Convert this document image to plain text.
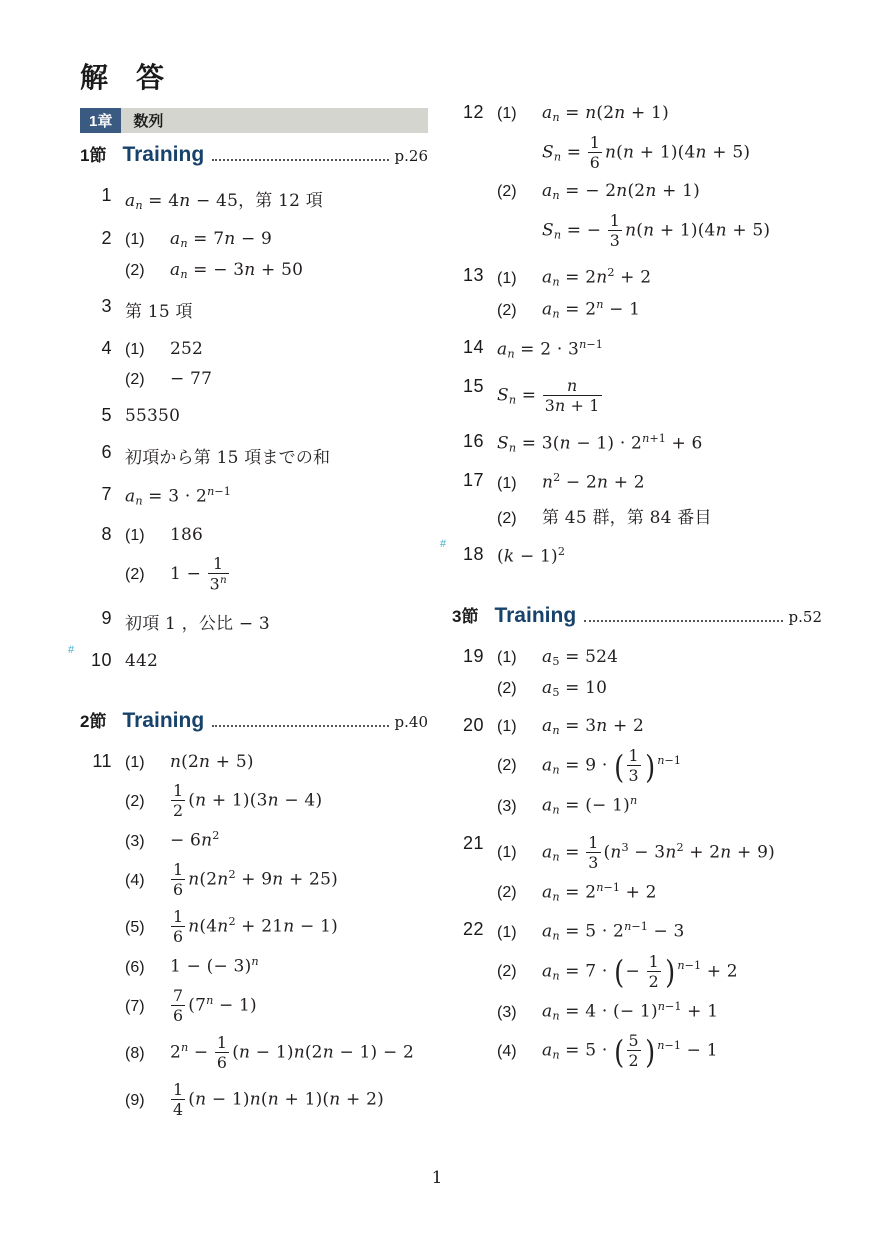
解　答
1章	数列
1節 Training	p.26
1 $a_n = 4n - 45$，第 12 項
2 (1)	$a_n = 7n - 9$
(2)	$a_n$ = − 3n + 50
3 第 15 項
4 (1)	252
(2)	− 77
5 55350
6 初項から第 15 項までの和
7 $a_n = 3 \cdot 2^{n-1}$
8 (1)	186
(2)	$1 - \frac{1}{3^n}$
9 初項 1 ，公比 − 3
# 10 442
2節 Training	p.40
11 (1)	n(2n + 5)
(2)	$\frac{1}{2} (n + 1)(3n - 4)$
(3)	− $6n^2$
(4)	$\frac{1}{6} n(2n^2 + 9n + 25)$
(5)	$\frac{1}{6} n(4n^2 + 21n - 1)$
(6)	1 − (− 3)$^n$
(7)	$\frac{7}{6} (7^n - 1)$
(8)	$2^n - \frac{1}{6} (n - 1)n(2n - 1) - 2$
(9)	$\frac{1}{4} (n - 1)n(n + 1)(n + 2)$
12 (1)	$a_n = n(2n + 1)$
$S_n = \frac{1}{6} n(n + 1)(4n + 5)$
(2)	$a_n$ = − 2n(2n + 1)
$S_n$ = − $\frac{1}{3} n(n + 1)(4n + 5)$
13 (1)	$a_n = 2n^2 + 2$
(2)	$a_n = 2^n - 1$
14 $a_n = 2 \cdot 3^{n-1}$
15 $S_n = \frac{n}{3n + 1}$
16 $S_n = 3(n - 1) \cdot 2^{n+1} + 6$
17 (1)	$n^2 - 2n + 2$
(2)	第 45 群，第 84 番目
# 18 $(k - 1)^2$
3節 Training	p.52
19 (1)	$a_5 = 524$
(2)	$a_5 = 10$
20 (1)	$a_n = 3n + 2$
(2)	$a_n = 9$ · ( $\frac{1}{3}$ ) $^{n-1}$
(3)	$a_n$ = (− 1)$^n$
21
(1)	$a_n = \frac{1}{3} (n^3 - 3n^2 + 2n + 9)$
(2)	$a_n = 2^{n-1} + 2$
22 (1)	$a_n = 5 \cdot 2^{n-1} - 3$
(2)	$a_n = 7$ · (− $\frac{1}{2}$ ) $^{n-1}$ + 2
(3)	$a_n = 4$ · (− 1)$^{n-1}$ + 1
(4)	$a_n = 5$ · ( $\frac{5}{2}$ ) $^{n-1}$ − 1
1
